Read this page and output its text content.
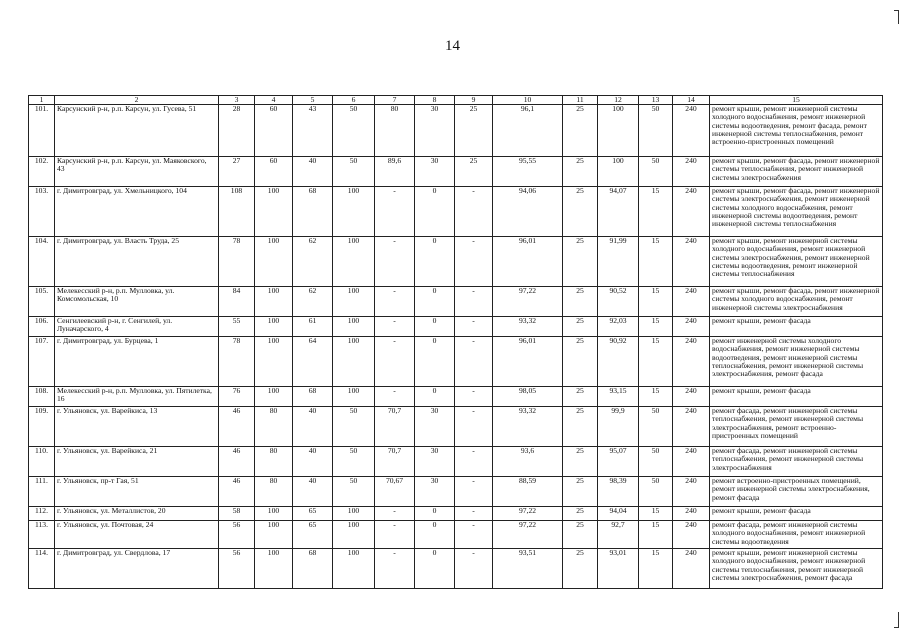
14
1	2	3	4	5	6	7	8	9	10	11	12	13	14	15
101.	Карсунский р-н, р.п. Карсун, ул. Гусева, 51	28	60	43	50	80	30	25	96,1	25	100	50	240	ремонт крыши, ремонт инженерной системы холодного водоснабжения, ремонт инженерной системы водоотведения, ремонт фасада, ремонт инженерной системы теплоснабжения, ремонт встроенно-пристроенных помещений
102.	Карсунский р-н, р.п. Карсун, ул. Маяковского, 43	27	60	40	50	89,6	30	25	95,55	25	100	50	240	ремонт крыши, ремонт фасада, ремонт инженерной системы теплоснабжения, ремонт инженерной системы электроснабжения
103.	г. Димитровград, ул. Хмельницкого, 104	108	100	68	100	-	0	-	94,06	25	94,07	15	240	ремонт крыши, ремонт фасада, ремонт инженерной системы электроснабжения, ремонт инженерной системы холодного водоснабжения, ремонт инженерной системы водоотведения, ремонт инженерной системы теплоснабжения
104.	г. Димитровград, ул. Власть Труда, 25	78	100	62	100	-	0	-	96,01	25	91,99	15	240	ремонт крыши, ремонт инженерной системы холодного водоснабжения, ремонт инженерной системы электроснабжения, ремонт инженерной системы водоотведения, ремонт инженерной системы теплоснабжения
105.	Мелекесский р-н, р.п. Мулловка, ул. Комсомольская, 10	84	100	62	100	-	0	-	97,22	25	90,52	15	240	ремонт крыши, ремонт фасада, ремонт инженерной системы холодного водоснабжения, ремонт инженерной системы электроснабжения
106.	Сенгилеевский р-н, г. Сенгилей, ул. Луначарского, 4	55	100	61	100	-	0	-	93,32	25	92,03	15	240	ремонт крыши, ремонт фасада
107.	г. Димитровград, ул. Бурцева, 1	78	100	64	100	-	0	-	96,01	25	90,92	15	240	ремонт инженерной системы холодного водоснабжения, ремонт инженерной системы водоотведения, ремонт инженерной системы теплоснабжения, ремонт инженерной системы электроснабжения, ремонт фасада
108.	Мелекесский р-н, р.п. Мулловка, ул. Пятилетка, 16	76	100	68	100	-	0	-	98,05	25	93,15	15	240	ремонт крыши, ремонт фасада
109.	г. Ульяновск, ул. Варейкиса, 13	46	80	40	50	70,7	30	-	93,32	25	99,9	50	240	ремонт фасада, ремонт инженерной системы теплоснабжения, ремонт инженерной системы электроснабжения, ремонт встроенно-пристроенных помещений
110.	г. Ульяновск, ул. Варейкиса, 21	46	80	40	50	70,7	30	-	93,6	25	95,07	50	240	ремонт фасада, ремонт инженерной системы теплоснабжения, ремонт инженерной системы электроснабжения
111.	г. Ульяновск, пр-т Гая, 51	46	80	40	50	70,67	30	-	88,59	25	98,39	50	240	ремонт встроенно-пристроенных помещений, ремонт инженерной системы электроснабжения, ремонт фасада
112.	г. Ульяновск, ул. Металлистов, 20	58	100	65	100	-	0	-	97,22	25	94,04	15	240	ремонт крыши, ремонт фасада
113.	г. Ульяновск, ул. Почтовая, 24	56	100	65	100	-	0	-	97,22	25	92,7	15	240	ремонт фасада, ремонт инженерной системы холодного водоснабжения, ремонт инженерной системы водоотведения
114.	г. Димитровград, ул. Свердлова, 17	56	100	68	100	-	0	-	93,51	25	93,01	15	240	ремонт крыши, ремонт инженерной системы холодного водоснабжения, ремонт инженерной системы теплоснабжения, ремонт инженерной системы электроснабжения, ремонт фасада
